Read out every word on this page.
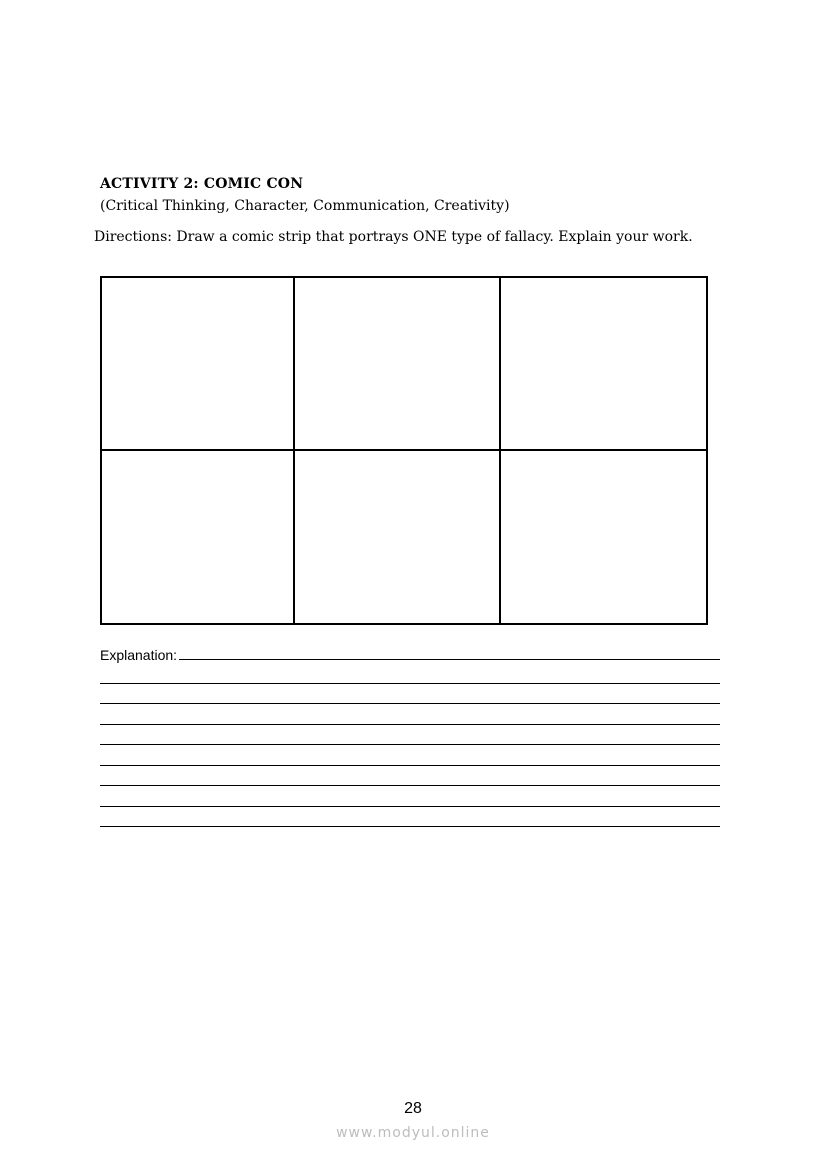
ACTIVITY 2: COMIC CON
(Critical Thinking, Character, Communication, Creativity)
Directions: Draw a comic strip that portrays ONE type of fallacy. Explain your work.
Explanation:
28
www.modyul.online
